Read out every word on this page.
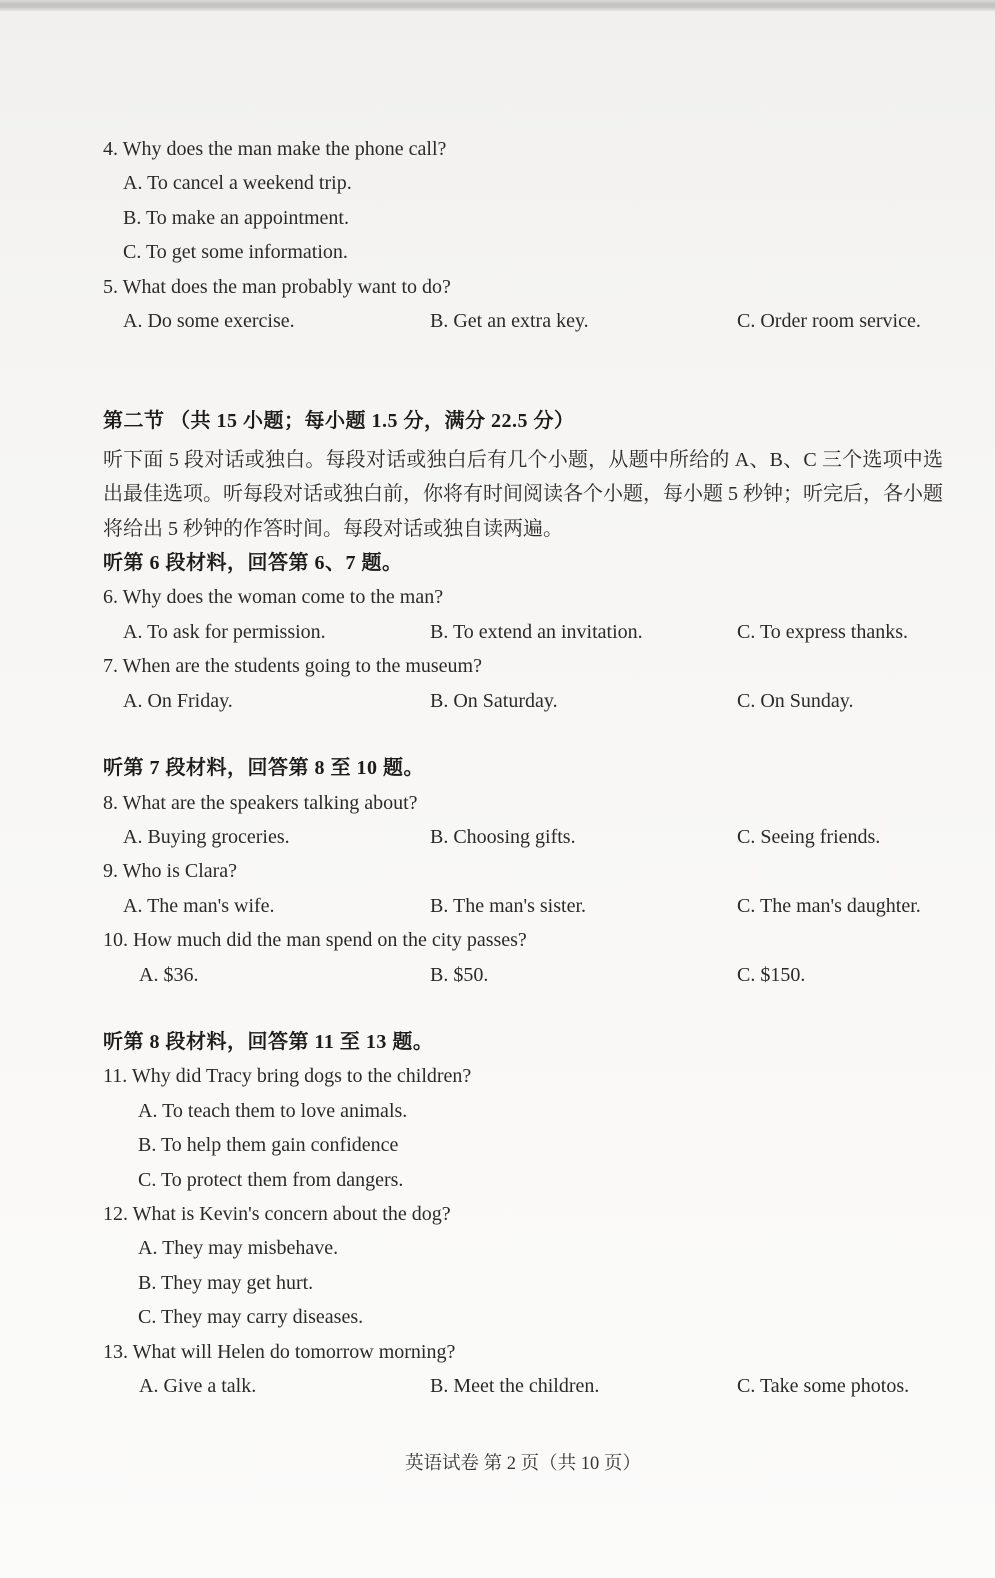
4. Why does the man make the phone call?
A. To cancel a weekend trip.
B. To make an appointment.
C. To get some information.
5. What does the man probably want to do?
A. Do some exercise.	B. Get an extra key.	C. Order room service.
第二节 （共 15 小题；每小题 1.5 分，满分 22.5 分）
听下面 5 段对话或独白。每段对话或独白后有几个小题，从题中所给的 A、B、C 三个选项中选出最佳选项。听每段对话或独白前，你将有时间阅读各个小题，每小题 5 秒钟；听完后，各小题将给出 5 秒钟的作答时间。每段对话或独自读两遍。
听第 6 段材料，回答第 6、7 题。
6. Why does the woman come to the man?
A. To ask for permission.	B. To extend an invitation.	C. To express thanks.
7. When are the students going to the museum?
A. On Friday.	B. On Saturday.	C. On Sunday.
听第 7 段材料，回答第 8 至 10 题。
8. What are the speakers talking about?
A. Buying groceries.	B. Choosing gifts.	C. Seeing friends.
9. Who is Clara?
A. The man's wife.	B. The man's sister.	C. The man's daughter.
10. How much did the man spend on the city passes?
A. $36.	B. $50.	C. $150.
听第 8 段材料，回答第 11 至 13 题。
11. Why did Tracy bring dogs to the children?
A. To teach them to love animals.
B. To help them gain confidence
C. To protect them from dangers.
12. What is Kevin's concern about the dog?
A. They may misbehave.
B. They may get hurt.
C. They may carry diseases.
13. What will Helen do tomorrow morning?
A. Give a talk.	B. Meet the children.	C. Take some photos.
英语试卷 第 2 页（共 10 页）
